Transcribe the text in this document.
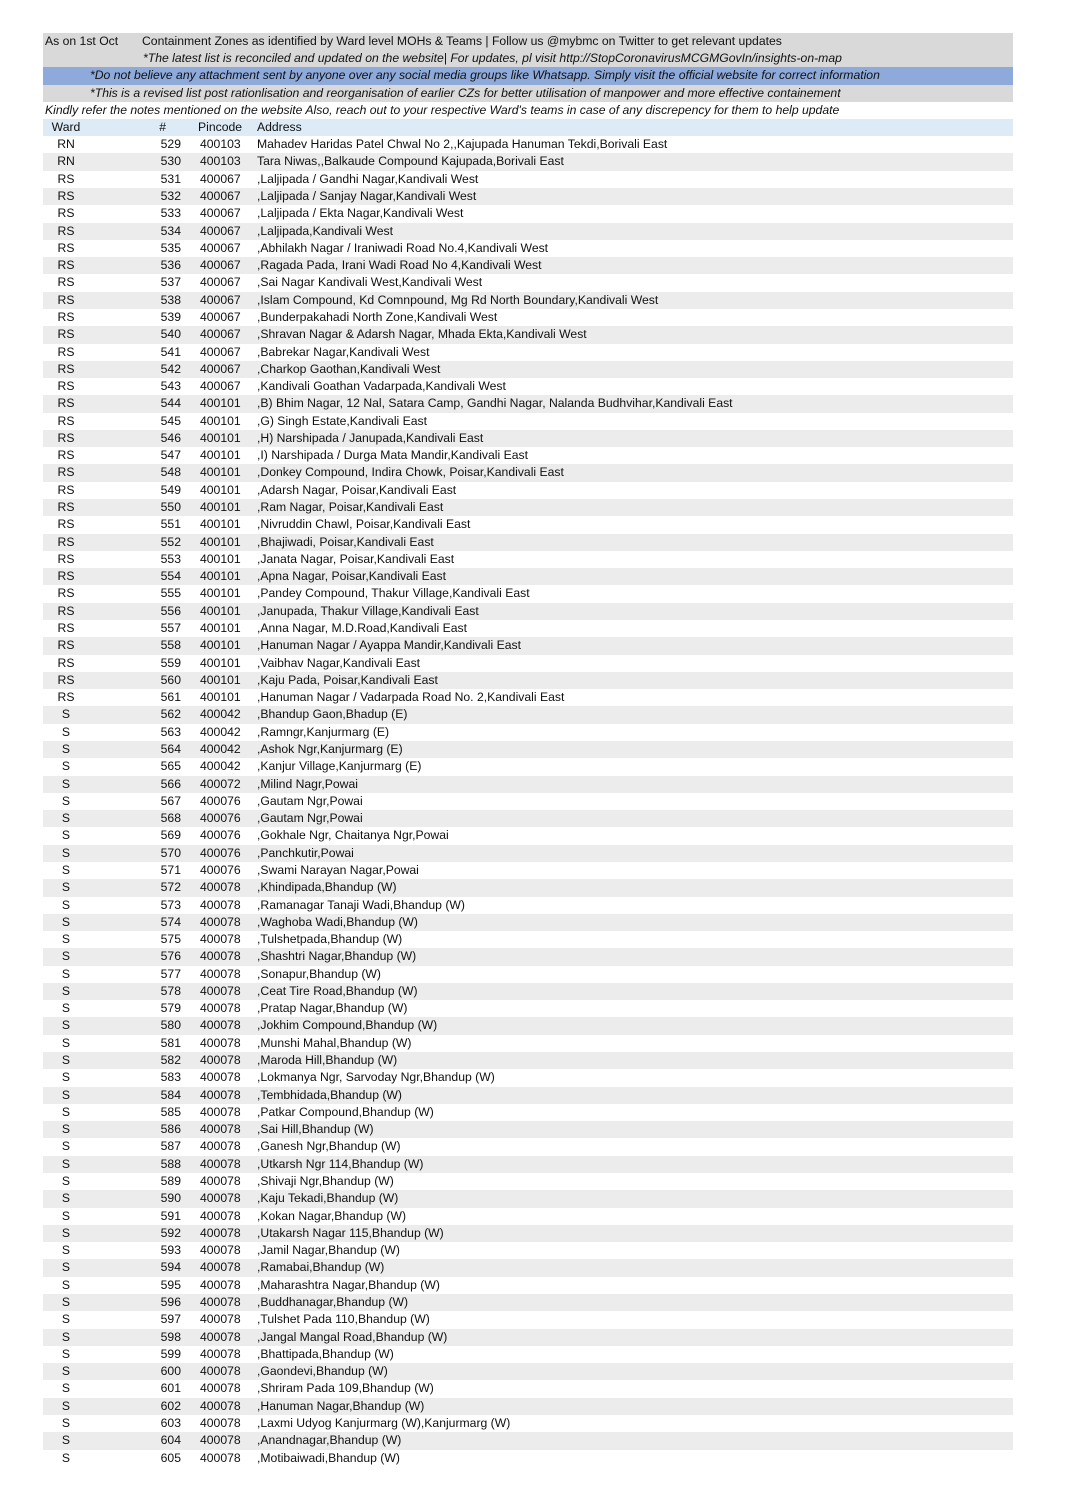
As on 1st Oct	Containment Zones as identified by Ward level MOHs & Teams | Follow us @mybmc on Twitter to get relevant updates
*The latest list is reconciled and updated on the website| For updates, pl visit http://StopCoronavirusMCGMGovIn/insights-on-map
*Do not believe any attachment sent by anyone over any social media groups like Whatsapp. Simply visit the official website for correct information
*This is a revised list post rationlisation and reorganisation of earlier CZs for better utilisation of manpower and more effective containement
Kindly refer the notes mentioned on the website Also, reach out to your respective Ward's teams in case of any discrepency for them to help update
Ward	#	Pincode	Address
RN	529	400103	Mahadev Haridas Patel Chwal No 2,,Kajupada Hanuman Tekdi,Borivali East
RN	530	400103	Tara Niwas,,Balkaude Compound Kajupada,Borivali East
RS	531	400067	,Laljipada / Gandhi Nagar,Kandivali West
RS	532	400067	,Laljipada / Sanjay Nagar,Kandivali West
RS	533	400067	,Laljipada / Ekta Nagar,Kandivali West
RS	534	400067	,Laljipada,Kandivali West
RS	535	400067	,Abhilakh Nagar / Iraniwadi Road No.4,Kandivali West
RS	536	400067	,Ragada Pada, Irani Wadi Road No 4,Kandivali West
RS	537	400067	,Sai Nagar Kandivali West,Kandivali West
RS	538	400067	,Islam Compound, Kd Comnpound, Mg Rd North Boundary,Kandivali West
RS	539	400067	,Bunderpakahadi North Zone,Kandivali West
RS	540	400067	,Shravan Nagar & Adarsh Nagar, Mhada Ekta,Kandivali West
RS	541	400067	,Babrekar Nagar,Kandivali West
RS	542	400067	,Charkop Gaothan,Kandivali West
RS	543	400067	,Kandivali Goathan Vadarpada,Kandivali West
RS	544	400101	,B) Bhim Nagar, 12 Nal, Satara Camp, Gandhi Nagar, Nalanda Budhvihar,Kandivali East
RS	545	400101	,G) Singh Estate,Kandivali East
RS	546	400101	,H) Narshipada / Janupada,Kandivali East
RS	547	400101	,I) Narshipada / Durga Mata Mandir,Kandivali East
RS	548	400101	,Donkey Compound, Indira Chowk, Poisar,Kandivali East
RS	549	400101	,Adarsh Nagar, Poisar,Kandivali East
RS	550	400101	,Ram Nagar, Poisar,Kandivali East
RS	551	400101	,Nivruddin Chawl, Poisar,Kandivali East
RS	552	400101	,Bhajiwadi, Poisar,Kandivali East
RS	553	400101	,Janata Nagar, Poisar,Kandivali East
RS	554	400101	,Apna Nagar, Poisar,Kandivali East
RS	555	400101	,Pandey Compound, Thakur Village,Kandivali East
RS	556	400101	,Janupada, Thakur Village,Kandivali East
RS	557	400101	,Anna Nagar, M.D.Road,Kandivali East
RS	558	400101	,Hanuman Nagar / Ayappa Mandir,Kandivali East
RS	559	400101	,Vaibhav Nagar,Kandivali East
RS	560	400101	,Kaju Pada, Poisar,Kandivali East
RS	561	400101	,Hanuman Nagar / Vadarpada Road No. 2,Kandivali East
S	562	400042	,Bhandup Gaon,Bhadup (E)
S	563	400042	,Ramngr,Kanjurmarg (E)
S	564	400042	,Ashok Ngr,Kanjurmarg (E)
S	565	400042	,Kanjur Village,Kanjurmarg (E)
S	566	400072	,Milind Nagr,Powai
S	567	400076	,Gautam Ngr,Powai
S	568	400076	,Gautam Ngr,Powai
S	569	400076	,Gokhale Ngr, Chaitanya Ngr,Powai
S	570	400076	,Panchkutir,Powai
S	571	400076	,Swami Narayan Nagar,Powai
S	572	400078	,Khindipada,Bhandup (W)
S	573	400078	,Ramanagar Tanaji Wadi,Bhandup (W)
S	574	400078	,Waghoba Wadi,Bhandup (W)
S	575	400078	,Tulshetpada,Bhandup (W)
S	576	400078	,Shashtri Nagar,Bhandup (W)
S	577	400078	,Sonapur,Bhandup (W)
S	578	400078	,Ceat Tire Road,Bhandup (W)
S	579	400078	,Pratap Nagar,Bhandup (W)
S	580	400078	,Jokhim Compound,Bhandup (W)
S	581	400078	,Munshi Mahal,Bhandup (W)
S	582	400078	,Maroda Hill,Bhandup (W)
S	583	400078	,Lokmanya Ngr, Sarvoday Ngr,Bhandup (W)
S	584	400078	,Tembhidada,Bhandup (W)
S	585	400078	,Patkar Compound,Bhandup (W)
S	586	400078	,Sai Hill,Bhandup (W)
S	587	400078	,Ganesh Ngr,Bhandup (W)
S	588	400078	,Utkarsh Ngr 114,Bhandup (W)
S	589	400078	,Shivaji Ngr,Bhandup (W)
S	590	400078	,Kaju Tekadi,Bhandup (W)
S	591	400078	,Kokan Nagar,Bhandup (W)
S	592	400078	,Utakarsh Nagar 115,Bhandup (W)
S	593	400078	,Jamil Nagar,Bhandup (W)
S	594	400078	,Ramabai,Bhandup (W)
S	595	400078	,Maharashtra Nagar,Bhandup (W)
S	596	400078	,Buddhanagar,Bhandup (W)
S	597	400078	,Tulshet Pada 110,Bhandup (W)
S	598	400078	,Jangal Mangal Road,Bhandup (W)
S	599	400078	,Bhattipada,Bhandup (W)
S	600	400078	,Gaondevi,Bhandup (W)
S	601	400078	,Shriram Pada 109,Bhandup (W)
S	602	400078	,Hanuman Nagar,Bhandup (W)
S	603	400078	,Laxmi Udyog Kanjurmarg (W),Kanjurmarg (W)
S	604	400078	,Anandnagar,Bhandup (W)
S	605	400078	,Motibaiwadi,Bhandup (W)
